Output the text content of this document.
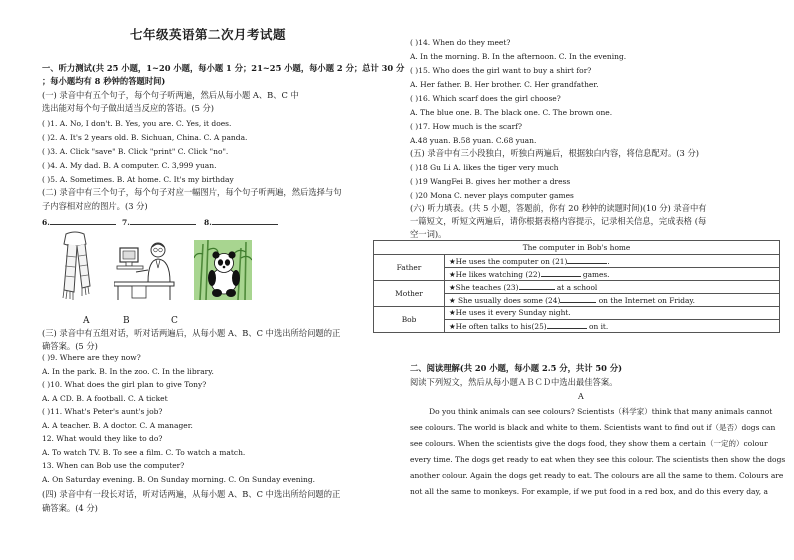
七年级英语第二次月考试题
一、听力测试(共 25 小题，1~20 小题，每小题 1 分；21~25 小题，每小题 2 分；总计 30 分
；每小题均有 8 秒钟的答题时间)
(一) 录音中有五个句子，每个句子听两遍，然后从每小题 A、B、C 中
选出能对每个句子做出适当反应的答语。(5 分)
( )1. A. No, I don't. B. Yes, you are. C. Yes, it does.
( )2. A. It's 2 years old. B. Sichuan, China. C. A panda.
( )3. A. Click "save" B. Click "print" C. Click "no".
( )4. A. My dad. B. A computer. C. 3,999 yuan.
( )5. A. Sometimes. B. At home. C. It's my birthday
(二) 录音中有三个句子，每个句子对应一幅图片，每个句子听两遍，然后选择与句
子内容相对应的图片。(3 分)
6.	7.	8.
A	B	C
(三) 录音中有五组对话，听对话两遍后，从每小题 A、B、C 中选出所给问题的正
确答案。(5 分)
( )9. Where are they now?
A. In the park. B. In the zoo. C. In the library.
( )10. What does the girl plan to give Tony?
A. A CD. B. A football. C. A ticket
( )11. What's Peter's aunt's job?
A. A teacher. B. A doctor. C. A manager.
12. What would they like to do?
A. To watch TV. B. To see a film. C. To watch a match.
13. When can Bob use the computer?
A. On Saturday evening. B. On Sunday morning. C. On Sunday evening.
(四) 录音中有一段长对话，听对话两遍，从每小题 A、B、C 中选出所给问题的正
确答案。(4 分)
( )14. When do they meet?
A. In the morning. B. In the afternoon. C. In the evening.
( )15. Who does the girl want to buy a shirt for?
A. Her father. B. Her brother. C. Her grandfather.
( )16. Which scarf does the girl choose?
A. The blue one. B. The black one. C. The brown one.
( )17. How much is the scarf?
A.48 yuan. B.58 yuan. C.68 yuan.
(五) 录音中有三小段独白，听独白两遍后，根据独白内容，将信息配对。(3 分)
( )18 Gu Li A. likes the tiger very much
( )19 WangFei B. gives her mother a dress
( )20 Mona C. never plays computer games
(六) 听力填表。(共 5 小题，答题前，你有 20 秒钟的读题时间)(10 分) 录音中有
一篇短文，听短文两遍后，请你根据表格内容提示，记录相关信息，完成表格 (每
空一词)。
The computer in Bob's home	
Father	★He uses the computer on (21) .
★He likes watching (22) games.

Mother	★She teaches (23) at a school
★ She usually does some (24) on the Internet on Friday.

Bob	★He uses it every Sunday night.
★He often talks to his(25) on it.
二、阅读理解(共 20 小题，每小题 2.5 分，共计 50 分)
阅读下列短文，然后从每小题ＡＢＣＤ中选出最佳答案。
A
Do you think animals can see colours? Scientists（科学家）think that many animals cannot
see colours. The world is black and white to them. Scientists want to find out if（是否）dogs can
see colours. When the scientists give the dogs food, they show them a certain（一定的）colour
every time. The dogs get ready to eat when they see this colour. The scientists then show the dogs
another colour. Again the dogs get ready to eat. The colours are all the same to them. Colours are
not all the same to monkeys. For example, if we put food in a red box, and do this every day, a
